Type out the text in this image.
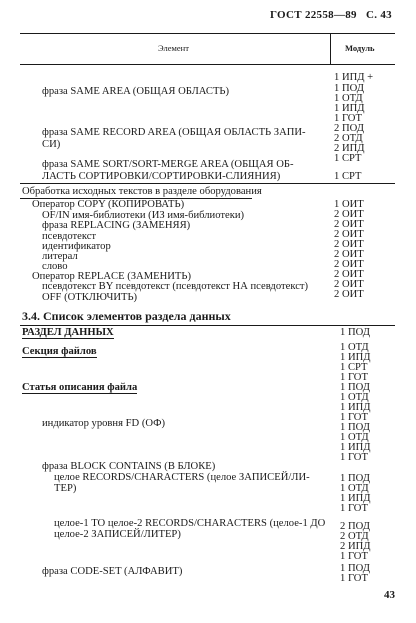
ГОСТ 22558—89 С. 43
Элемент	Модуль
фраза SAME AREA (ОБЩАЯ ОБЛАСТЬ)
фраза SAME RECORD AREA (ОБЩАЯ ОБЛАСТЬ ЗАПИ-
СИ)
фраза SAME SORT/SORT-MERGE AREA (ОБЩАЯ ОБ-
ЛАСТЬ СОРТИРОВКИ/СОРТИРОВКИ-СЛИЯНИЯ)
Обработка исходных текстов в разделе оборудования
Оператор COPY (КОПИРОВАТЬ)
OF/IN имя-библиотеки (ИЗ имя-библиотеки)
фраза REPLACING (ЗАМЕНЯЯ)
псевдотекст
идентификатор
литерал
слово
Оператор REPLACE (ЗАМЕНИТЬ)
псевдотекст BY псевдотекст (псевдотекст НА псевдотекст)
OFF (ОТКЛЮЧИТЬ)
3.4. Список элементов раздела данных
РАЗДЕЛ ДАННЫХ
Секция файлов
Статья описания файла
индикатор уровня FD (ОФ)
фраза BLOCK CONTAINS (В БЛОКЕ)
целое RECORDS/CHARACTERS (целое ЗАПИСЕЙ/ЛИ-
ТЕР)
целое-1 TO целое-2 RECORDS/CHARACTERS (целое-1 ДО
целое-2 ЗАПИСЕЙ/ЛИТЕР)
фраза CODE-SET (АЛФАВИТ)
1 ИПД +
1 ПОД
1 ОТД
1 ИПД
1 ГОТ
2 ПОД
2 ОТД
2 ИПД
1 СРТ
1 СРТ
1 ОИТ
2 ОИТ
2 ОИТ
2 ОИТ
2 ОИТ
2 ОИТ
2 ОИТ
2 ОИТ
2 ОИТ
2 ОИТ
1 ПОД
1 ОТД
1 ИПД
1 СРТ
1 ГОТ
1 ПОД
1 ОТД
1 ИПД
1 ГОТ
1 ПОД
1 ОТД
1 ИПД
1 ГОТ
1 ПОД
1 ОТД
1 ИПД
1 ГОТ
2 ПОД
2 ОТД
2 ИПД
1 ГОТ
1 ПОД
1 ГОТ
43
